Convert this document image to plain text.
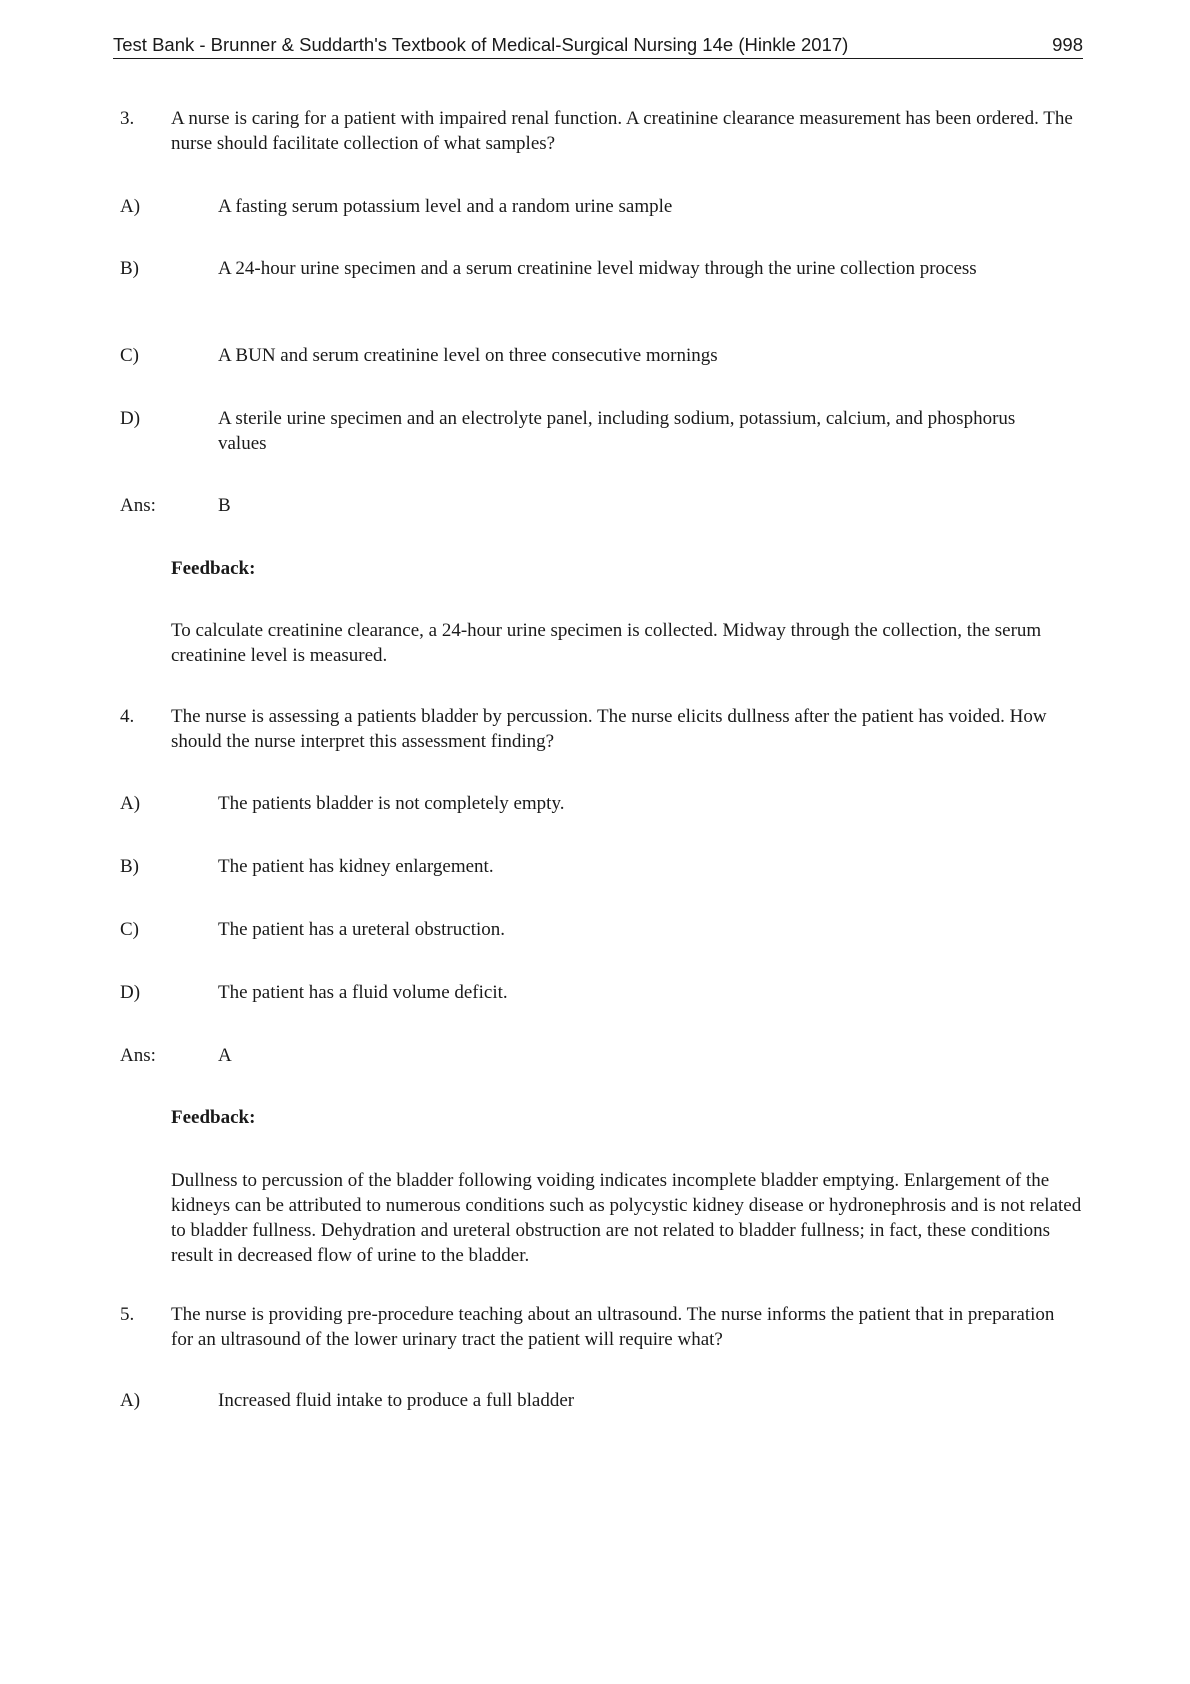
Test Bank - Brunner & Suddarth's Textbook of Medical-Surgical Nursing 14e (Hinkle 2017)	998
3. A nurse is caring for a patient with impaired renal function. A creatinine clearance measurement has been ordered. The nurse should facilitate collection of what samples?
A)	A fasting serum potassium level and a random urine sample
B)	A 24-hour urine specimen and a serum creatinine level midway through the urine collection process
C)	A BUN and serum creatinine level on three consecutive mornings
D)	A sterile urine specimen and an electrolyte panel, including sodium, potassium, calcium, and phosphorus values
Ans:	B
Feedback:
To calculate creatinine clearance, a 24-hour urine specimen is collected. Midway through the collection, the serum creatinine level is measured.
4. The nurse is assessing a patients bladder by percussion. The nurse elicits dullness after the patient has voided. How should the nurse interpret this assessment finding?
A)	The patients bladder is not completely empty.
B)	The patient has kidney enlargement.
C)	The patient has a ureteral obstruction.
D)	The patient has a fluid volume deficit.
Ans:	A
Feedback:
Dullness to percussion of the bladder following voiding indicates incomplete bladder emptying. Enlargement of the kidneys can be attributed to numerous conditions such as polycystic kidney disease or hydronephrosis and is not related to bladder fullness. Dehydration and ureteral obstruction are not related to bladder fullness; in fact, these conditions result in decreased flow of urine to the bladder.
5. The nurse is providing pre-procedure teaching about an ultrasound. The nurse informs the patient that in preparation for an ultrasound of the lower urinary tract the patient will require what?
A)	Increased fluid intake to produce a full bladder
